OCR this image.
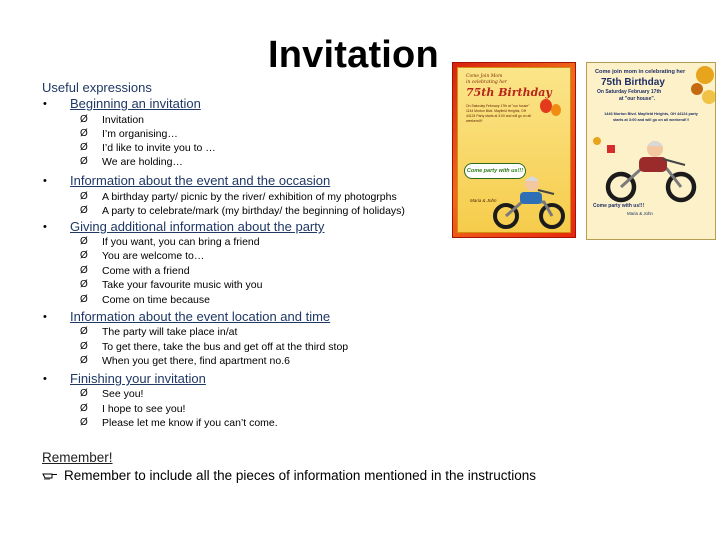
Invitation
Useful expressions
• Beginning an invitation
Ø Invitation
Ø I’m organising…
Ø I’d like to invite you to …
Ø We are holding…
• Information about the event and the occasion
Ø A birthday party/ picnic by the river/ exhibition of my photogrphs
Ø A party to celebrate/mark (my birthday/ the beginning of holidays)
• Giving additional information about the party
Ø If you want, you can bring a friend
Ø You are welcome to…
Ø Come with a friend
Ø Take your favourite music with you
Ø Come on time because
• Information about the event location and time
Ø The party will take place in/at
Ø To get there, take the bus and get off at the third stop
Ø When you get there, find apartment no.6
• Finishing your invitation
Ø See you!
Ø I hope to see you!
Ø Please let me know if you can’t come.
Remember!
Remember to include all the pieces of information mentioned in the instructions
Come Join Mom
in celebrating her
75th Birthday
On Saturday February 17th at "our house" 1144 Morton Blvd. Mayfield Heights, OH 44124 Party starts at 3:00 and will go on all weekend!!!
Come party with us!!!
Maria & John
Come join mom in celebrating her
75th Birthday
On Saturday February 17th
at "our house".
1446 Morton Blvd. Mayfield Heights, OH 44124 party starts at 3:00 and will go on all weekend!!!
Come party with us!!!
Maria & John
